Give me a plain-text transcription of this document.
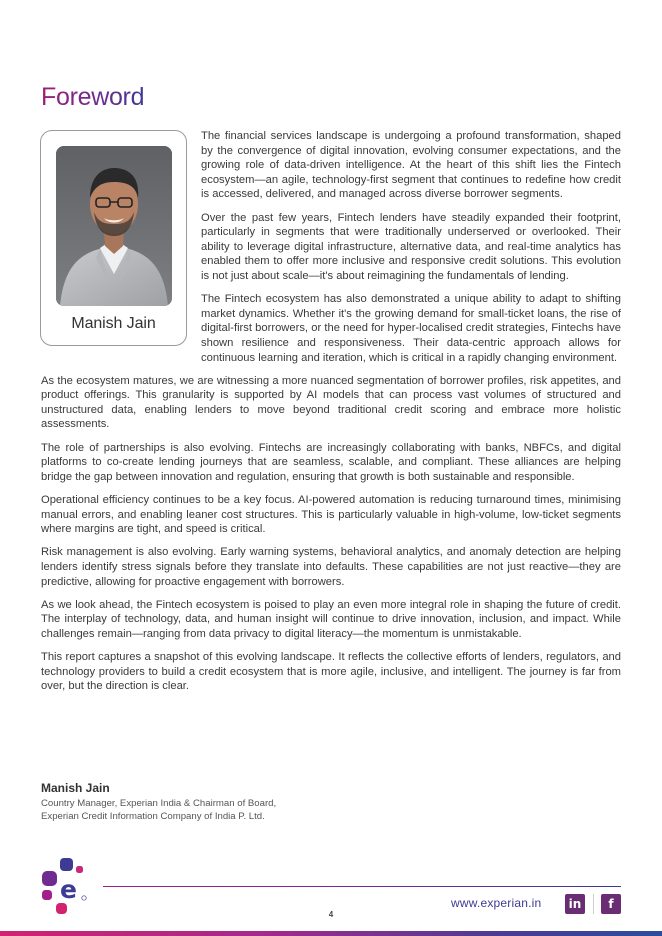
Foreword
Manish Jain

The financial services landscape is undergoing a profound transformation, shaped by the convergence of digital innovation, evolving consumer expectations, and the growing role of data-driven intelligence. At the heart of this shift lies the Fintech ecosystem—an agile, technology-first segment that continues to redefine how credit is accessed, delivered, and managed across diverse borrower segments.

Over the past few years, Fintech lenders have steadily expanded their footprint, particularly in segments that were traditionally underserved or overlooked. Their ability to leverage digital infrastructure, alternative data, and real-time analytics has enabled them to offer more inclusive and responsive credit solutions. This evolution is not just about scale—it's about reimagining the fundamentals of lending.

The Fintech ecosystem has also demonstrated a unique ability to adapt to shifting market dynamics. Whether it's the growing demand for small-ticket loans, the rise of digital-first borrowers, or the need for hyper-localised credit strategies, Fintechs have shown resilience and responsiveness. Their data-centric approach allows for continuous learning and iteration, which is critical in a rapidly changing environment.

As the ecosystem matures, we are witnessing a more nuanced segmentation of borrower profiles, risk appetites, and product offerings. This granularity is supported by AI models that can process vast volumes of structured and unstructured data, enabling lenders to move beyond traditional credit scoring and embrace more holistic assessments.

The role of partnerships is also evolving. Fintechs are increasingly collaborating with banks, NBFCs, and digital platforms to co-create lending journeys that are seamless, scalable, and compliant. These alliances are helping bridge the gap between innovation and regulation, ensuring that growth is both sustainable and responsible.

Operational efficiency continues to be a key focus. AI-powered automation is reducing turnaround times, minimising manual errors, and enabling leaner cost structures. This is particularly valuable in high-volume, low-ticket segments where margins are tight, and speed is critical.

Risk management is also evolving. Early warning systems, behavioral analytics, and anomaly detection are helping lenders identify stress signals before they translate into defaults. These capabilities are not just reactive—they are predictive, allowing for proactive engagement with borrowers.

As we look ahead, the Fintech ecosystem is poised to play an even more integral role in shaping the future of credit. The interplay of technology, data, and human insight will continue to drive innovation, inclusion, and impact. While challenges remain—ranging from data privacy to digital literacy—the momentum is unmistakable.

This report captures a snapshot of this evolving landscape. It reflects the collective efforts of lenders, regulators, and technology providers to build a credit ecosystem that is more agile, inclusive, and intelligent. The journey is far from over, but the direction is clear.

Manish Jain
Country Manager, Experian India & Chairman of Board,
Experian Credit Information Company of India P. Ltd.
e	www.experian.in	in	f
4
